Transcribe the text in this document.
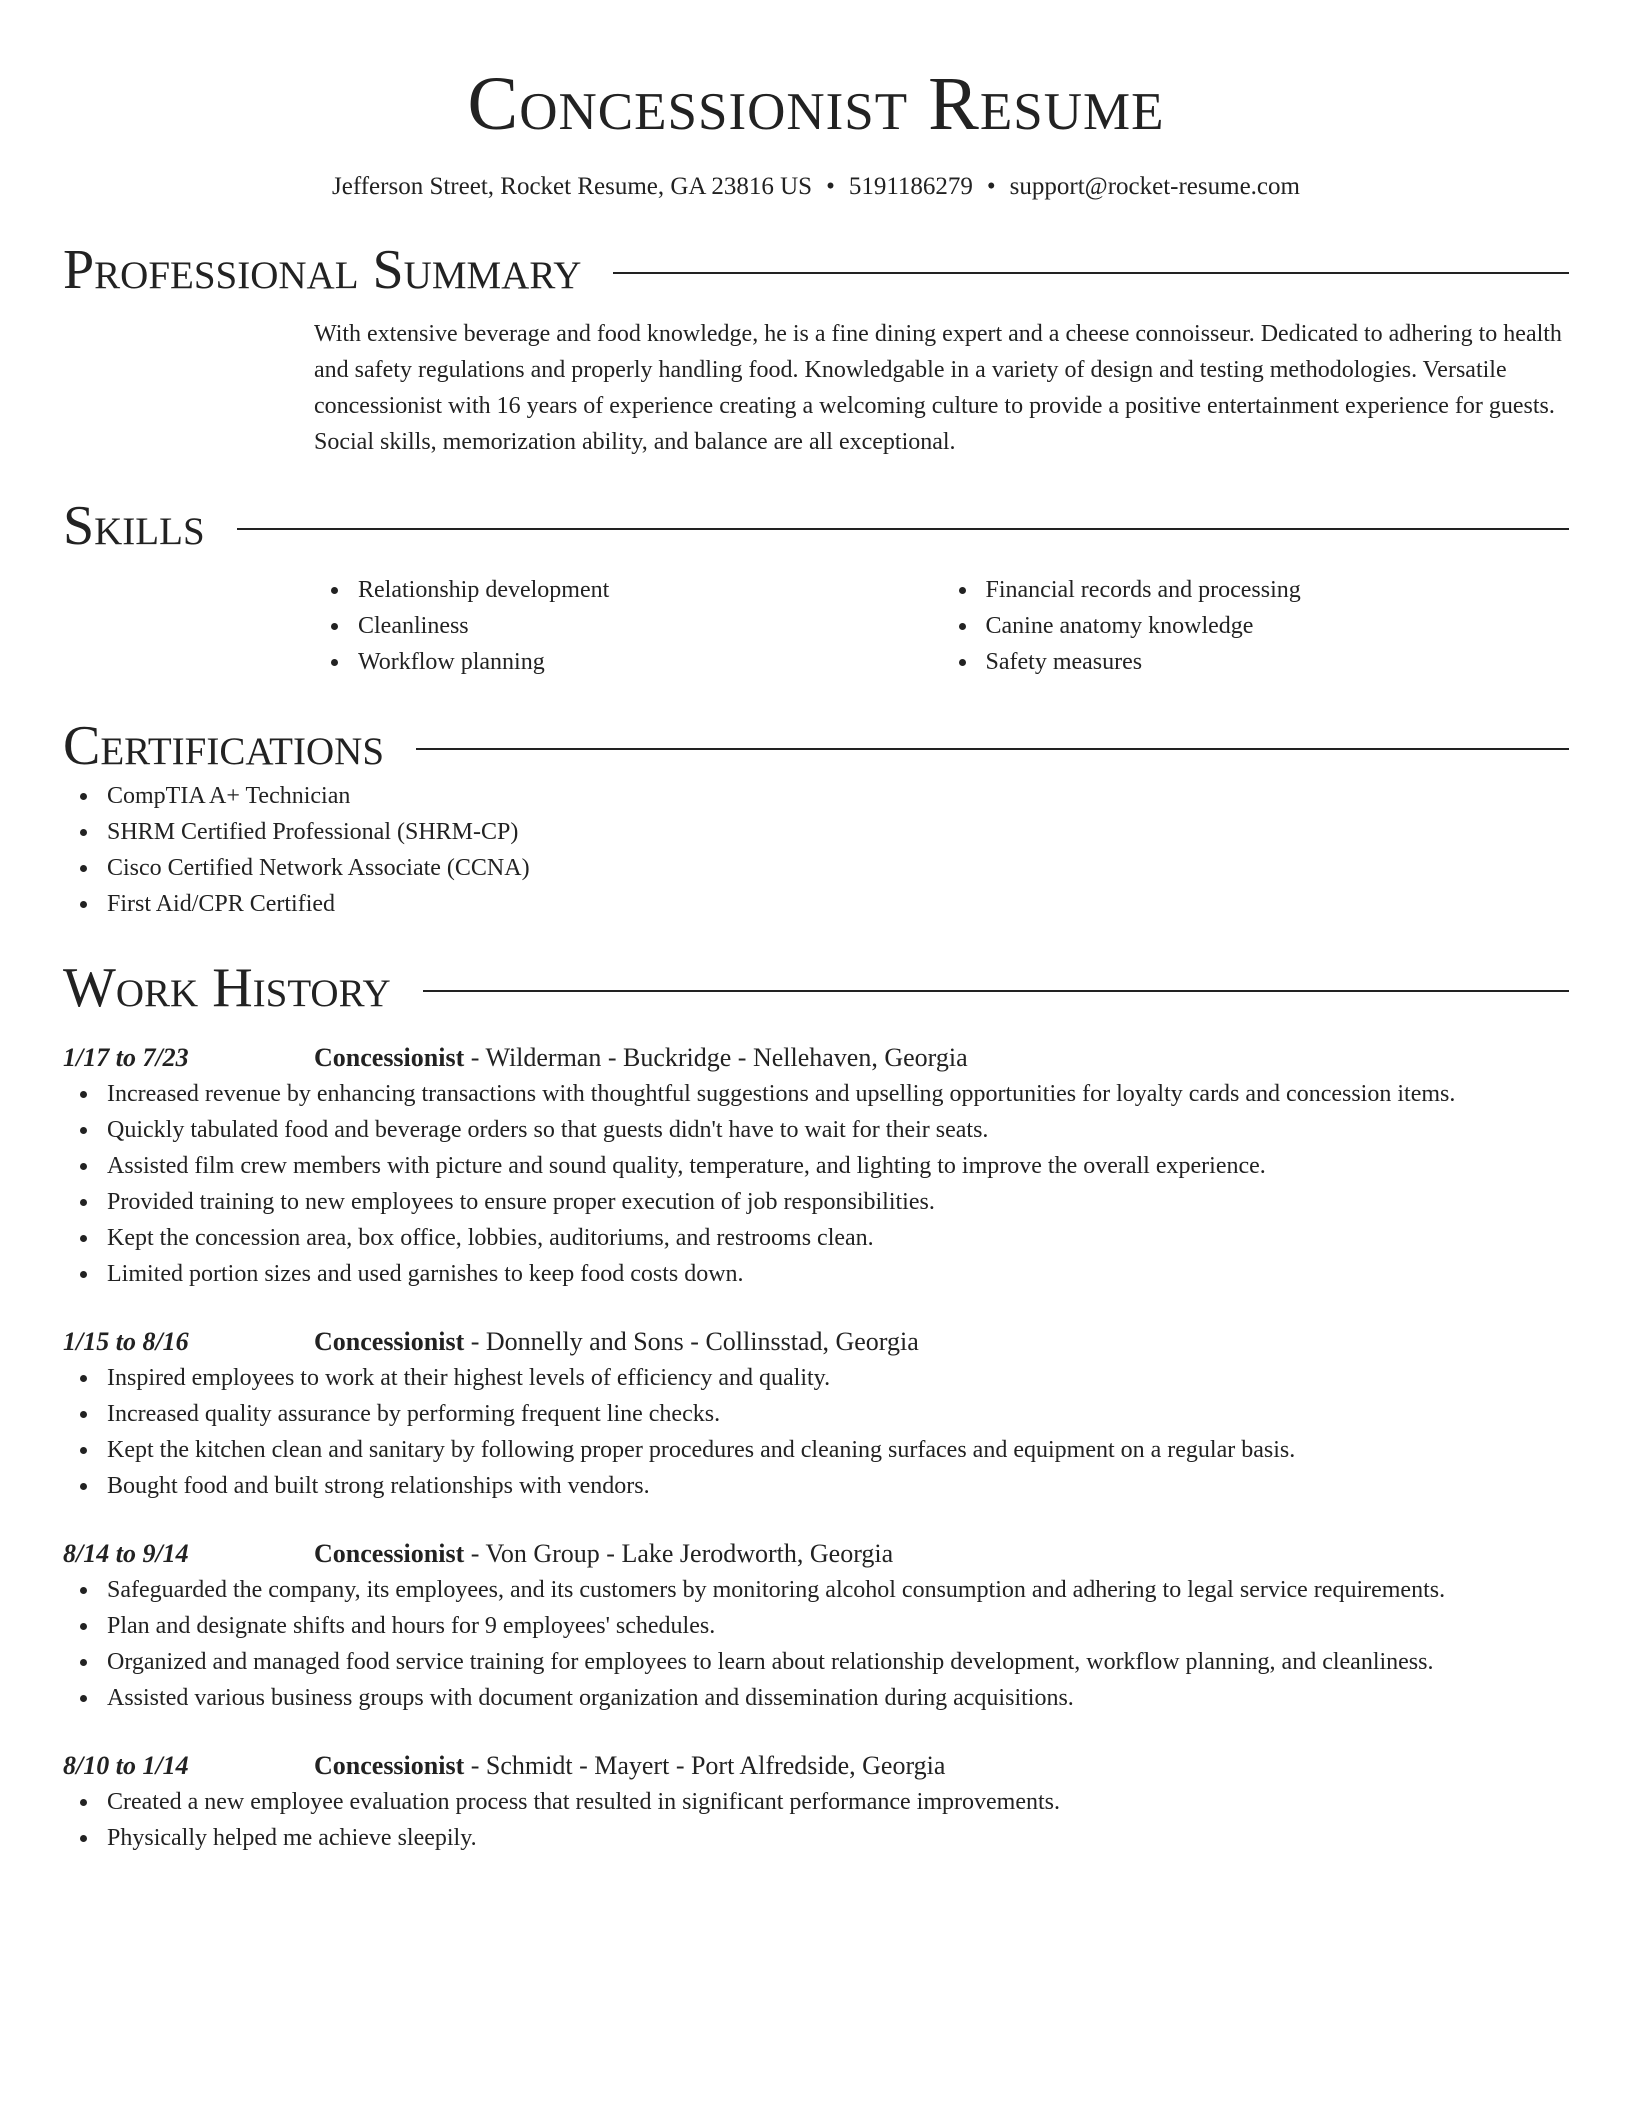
Concessionist Resume
Jefferson Street, Rocket Resume, GA 23816 US • 5191186279 • support@rocket-resume.com
Professional Summary
With extensive beverage and food knowledge, he is a fine dining expert and a cheese connoisseur. Dedicated to adhering to health and safety regulations and properly handling food. Knowledgable in a variety of design and testing methodologies. Versatile concessionist with 16 years of experience creating a welcoming culture to provide a positive entertainment experience for guests. Social skills, memorization ability, and balance are all exceptional.
Skills
Relationship development
Cleanliness
Workflow planning
Financial records and processing
Canine anatomy knowledge
Safety measures
Certifications
CompTIA A+ Technician
SHRM Certified Professional (SHRM-CP)
Cisco Certified Network Associate (CCNA)
First Aid/CPR Certified
Work History
1/17 to 7/23	Concessionist - Wilderman - Buckridge - Nellehaven, Georgia
Increased revenue by enhancing transactions with thoughtful suggestions and upselling opportunities for loyalty cards and concession items.
Quickly tabulated food and beverage orders so that guests didn't have to wait for their seats.
Assisted film crew members with picture and sound quality, temperature, and lighting to improve the overall experience.
Provided training to new employees to ensure proper execution of job responsibilities.
Kept the concession area, box office, lobbies, auditoriums, and restrooms clean.
Limited portion sizes and used garnishes to keep food costs down.
1/15 to 8/16	Concessionist - Donnelly and Sons - Collinsstad, Georgia
Inspired employees to work at their highest levels of efficiency and quality.
Increased quality assurance by performing frequent line checks.
Kept the kitchen clean and sanitary by following proper procedures and cleaning surfaces and equipment on a regular basis.
Bought food and built strong relationships with vendors.
8/14 to 9/14	Concessionist - Von Group - Lake Jerodworth, Georgia
Safeguarded the company, its employees, and its customers by monitoring alcohol consumption and adhering to legal service requirements.
Plan and designate shifts and hours for 9 employees' schedules.
Organized and managed food service training for employees to learn about relationship development, workflow planning, and cleanliness.
Assisted various business groups with document organization and dissemination during acquisitions.
8/10 to 1/14	Concessionist - Schmidt - Mayert - Port Alfredside, Georgia
Created a new employee evaluation process that resulted in significant performance improvements.
Physically helped me achieve sleepily.
